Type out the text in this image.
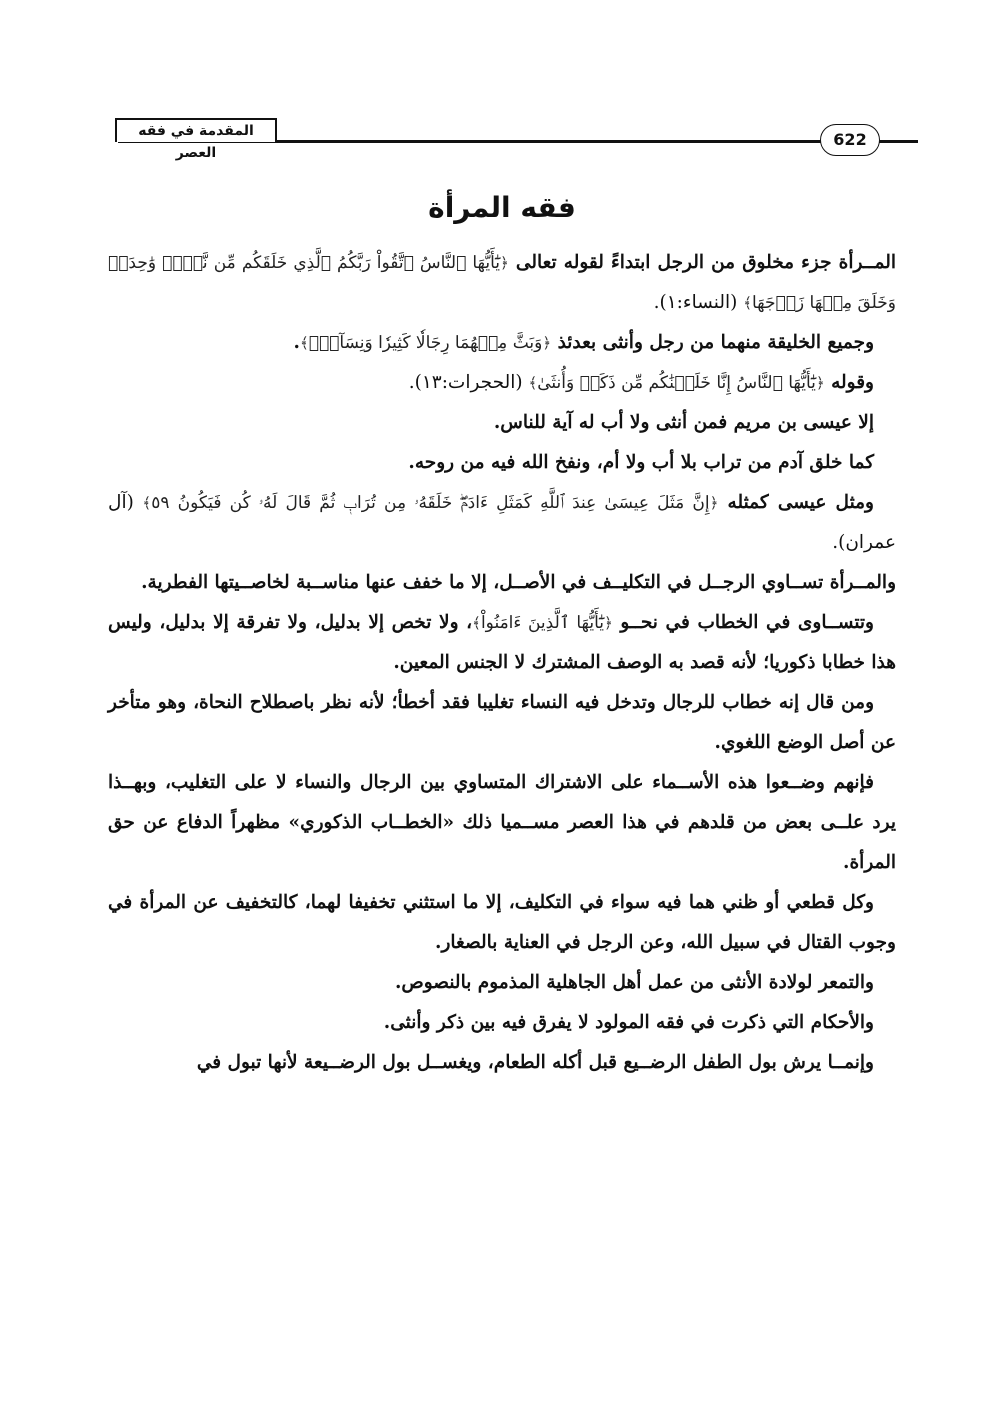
المقدمة في فقه العصر
622
فقه المرأة

المــرأة جزء مخلوق من الرجل ابتداءً لقوله تعالى ﴿يَٰٓأَيُّهَا ٱلنَّاسُ ٱتَّقُواْ رَبَّكُمُ ٱلَّذِي خَلَقَكُم مِّن نَّفۡسٖ وَٰحِدَةٖ وَخَلَقَ مِنۡهَا زَوۡجَهَا﴾ (النساء:١).

وجميع الخليقة منهما من رجل وأنثى بعدئذ ﴿وَبَثَّ مِنۡهُمَا رِجَالٗا كَثِيرٗا وَنِسَآءٗۚ﴾.

وقوله ﴿يَٰٓأَيُّهَا ٱلنَّاسُ إِنَّا خَلَقۡنَٰكُم مِّن ذَكَرٖ وَأُنثَىٰ﴾ (الحجرات:١٣).

إلا عيسى بن مريم فمن أنثى ولا أب له آية للناس.

كما خلق آدم من تراب بلا أب ولا أم، ونفخ الله فيه من روحه.

ومثل عيسى كمثله ﴿إِنَّ مَثَلَ عِيسَىٰ عِندَ ٱللَّهِ كَمَثَلِ ءَادَمَۖ خَلَقَهُۥ مِن تُرَابٖ ثُمَّ قَالَ لَهُۥ كُن فَيَكُونُ ٥٩﴾ (آل عمران).

والمــرأة تســاوي الرجــل في التكليــف في الأصــل، إلا ما خفف عنها مناســبة لخاصــيتها الفطرية.

وتتســاوى في الخطاب في نحــو ﴿يَٰٓأَيُّهَا ٱلَّذِينَ ءَامَنُواْ﴾، ولا تخص إلا بدليل، ولا تفرقة إلا بدليل، وليس هذا خطابا ذكوريا؛ لأنه قصد به الوصف المشترك لا الجنس المعين.

ومن قال إنه خطاب للرجال وتدخل فيه النساء تغليبا فقد أخطأ؛ لأنه نظر باصطلاح النحاة، وهو متأخر عن أصل الوضع اللغوي.

فإنهم وضــعوا هذه الأســماء على الاشتراك المتساوي بين الرجال والنساء لا على التغليب، وبهــذا يرد علــى بعض من قلدهم في هذا العصر مســميا ذلك «الخطــاب الذكوري» مظهراً الدفاع عن حق المرأة.

وكل قطعي أو ظني هما فيه سواء في التكليف، إلا ما استثني تخفيفا لهما، كالتخفيف عن المرأة في وجوب القتال في سبيل الله، وعن الرجل في العناية بالصغار.

والتمعر لولادة الأنثى من عمل أهل الجاهلية المذموم بالنصوص.

والأحكام التي ذكرت في فقه المولود لا يفرق فيه بين ذكر وأنثى.

وإنمــا يرش بول الطفل الرضــيع قبل أكله الطعام، ويغســل بول الرضــيعة لأنها تبول في
